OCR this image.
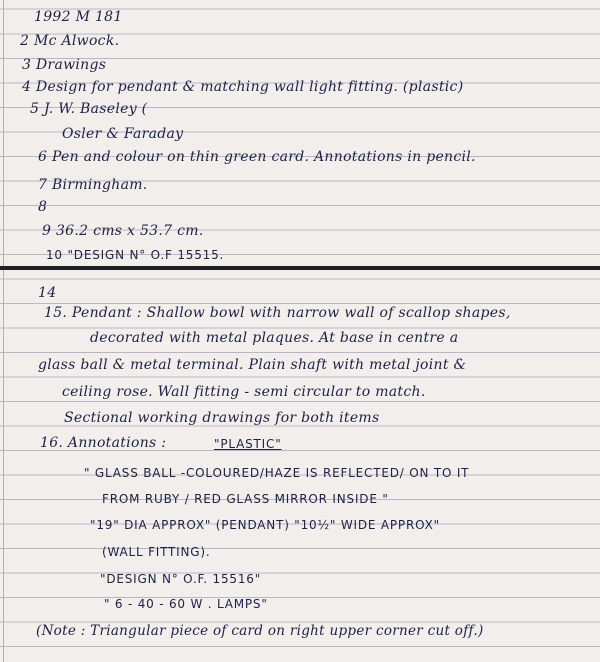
1992 M 181
2 Mc Alwock.
3 Drawings
4 Design for pendant & matching wall light fitting. (plastic)
5 J. W. Baseley (
Osler & Faraday
6 Pen and colour on thin green card. Annotations in pencil.
7 Birmingham.
8
9 36.2 cms x 53.7 cm.
10 "DESIGN N° O.F 15515.
14
15. Pendant : Shallow bowl with narrow wall of scallop shapes,
decorated with metal plaques. At base in centre a
glass ball & metal terminal. Plain shaft with metal joint &
ceiling rose. Wall fitting - semi circular to match.
Sectional working drawings for both items
16. Annotations :	"PLASTIC"
" GLASS BALL -COLOURED/HAZE IS REFLECTED/ ON TO IT
FROM RUBY / RED GLASS MIRROR INSIDE "
"19" DIA APPROX" (PENDANT) "10½" WIDE APPROX"
(WALL FITTING).
"DESIGN N° O.F. 15516"
" 6 - 40 - 60 W . LAMPS"
(Note : Triangular piece of card on right upper corner cut off.)
